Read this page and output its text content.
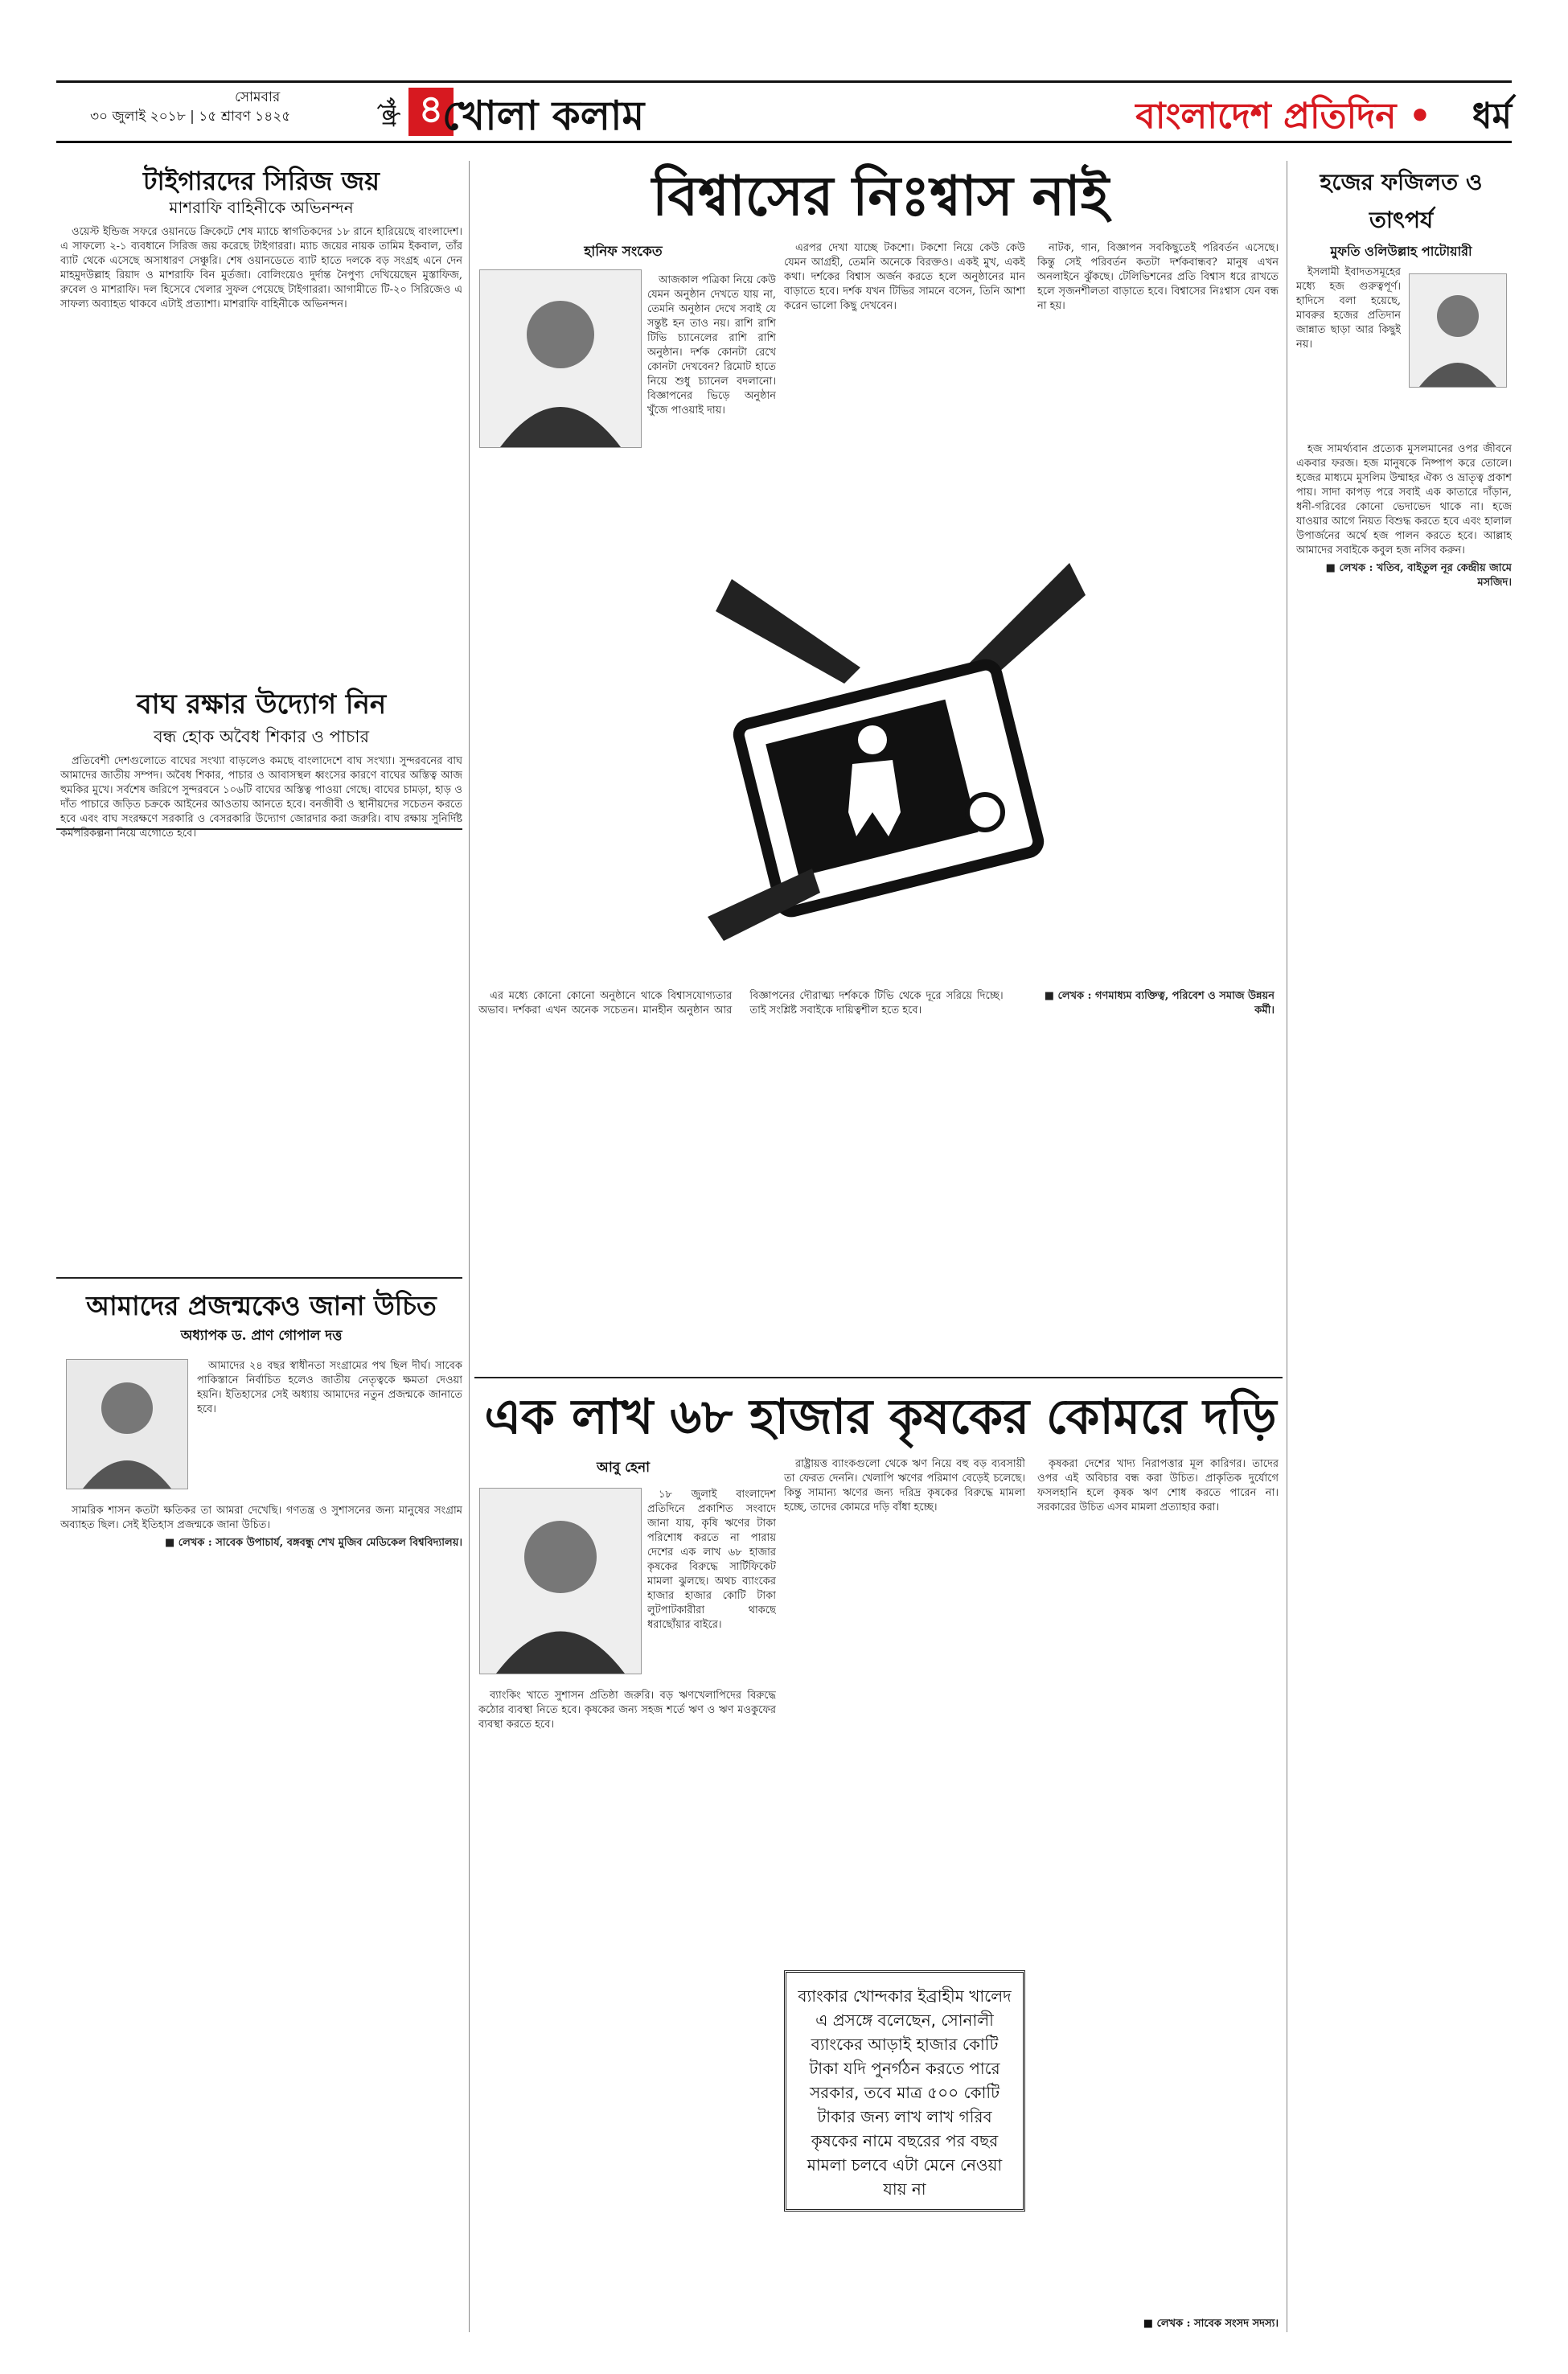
সোমবার
৩০ জুলাই ২০১৮ | ১৫ শ্রাবণ ১৪২৫	পৃষ্ঠা ৪
খোলা কলাম	বাংলাদেশ প্রতিদিন • ধর্ম
টাইগারদের সিরিজ জয়
মাশরাফি বাহিনীকে অভিনন্দন

ওয়েস্ট ইন্ডিজ সফরে ওয়ানডে ক্রিকেটে শেষ ম্যাচে স্বাগতিকদের ১৮ রানে হারিয়েছে বাংলাদেশ। এ সাফল্যে ২-১ ব্যবধানে সিরিজ জয় করেছে টাইগাররা। ম্যাচ জয়ের নায়ক তামিম ইকবাল, তাঁর ব্যাট থেকে এসেছে অসাধারণ সেঞ্চুরি। শেষ ওয়ানডেতে ব্যাট হাতে দলকে বড় সংগ্রহ এনে দেন মাহমুদউল্লাহ রিয়াদ ও মাশরাফি বিন মুর্তজা। বোলিংয়েও দুর্দান্ত নৈপুণ্য দেখিয়েছেন মুস্তাফিজ, রুবেল ও মাশরাফি। দল হিসেবে খেলার সুফল পেয়েছে টাইগাররা। আগামীতে টি-২০ সিরিজেও এ সাফল্য অব্যাহত থাকবে এটাই প্রত্যাশা। মাশরাফি বাহিনীকে অভিনন্দন।

বাঘ রক্ষার উদ্যোগ নিন
বন্ধ হোক অবৈধ শিকার ও পাচার

প্রতিবেশী দেশগুলোতে বাঘের সংখ্যা বাড়লেও কমছে বাংলাদেশে বাঘ সংখ্যা। সুন্দরবনের বাঘ আমাদের জাতীয় সম্পদ। অবৈধ শিকার, পাচার ও আবাসস্থল ধ্বংসের কারণে বাঘের অস্তিত্ব আজ হুমকির মুখে। সর্বশেষ জরিপে সুন্দরবনে ১০৬টি বাঘের অস্তিত্ব পাওয়া গেছে। বাঘের চামড়া, হাড় ও দাঁত পাচারে জড়িত চক্রকে আইনের আওতায় আনতে হবে। বনজীবী ও স্থানীয়দের সচেতন করতে হবে এবং বাঘ সংরক্ষণে সরকারি ও বেসরকারি উদ্যোগ জোরদার করা জরুরি। বাঘ রক্ষায় সুনির্দিষ্ট কর্মপরিকল্পনা নিয়ে এগোতে হবে।

আমাদের প্রজন্মকেও জানা উচিত
অধ্যাপক ড. প্রাণ গোপাল দত্ত

আমাদের ২৪ বছর স্বাধীনতা সংগ্রামের পথ ছিল দীর্ঘ। সাবেক পাকিস্তানে নির্বাচিত হলেও জাতীয় নেতৃত্বকে ক্ষমতা দেওয়া হয়নি। ইতিহাসের সেই অধ্যায় আমাদের নতুন প্রজন্মকে জানাতে হবে।

সামরিক শাসন কতটা ক্ষতিকর তা আমরা দেখেছি। গণতন্ত্র ও সুশাসনের জন্য মানুষের সংগ্রাম অব্যাহত ছিল। সেই ইতিহাস প্রজন্মকে জানা উচিত।

■ লেখক : সাবেক উপাচার্য, বঙ্গবন্ধু শেখ মুজিব মেডিকেল বিশ্ববিদ্যালয়।
বিশ্বাসের নিঃশ্বাস নাই
হানিফ সংকেত

আজকাল পত্রিকা নিয়ে কেউ যেমন অনুষ্ঠান দেখতে যায় না, তেমনি অনুষ্ঠান দেখে সবাই যে সন্তুষ্ট হন তাও নয়। রাশি রাশি টিভি চ্যানেলের রাশি রাশি অনুষ্ঠান। দর্শক কোনটা রেখে কোনটা দেখবেন? রিমোট হাতে নিয়ে শুধু চ্যানেল বদলানো। বিজ্ঞাপনের ভিড়ে অনুষ্ঠান খুঁজে পাওয়াই দায়।

এরপর দেখা যাচ্ছে টকশো। টকশো নিয়ে কেউ কেউ যেমন আগ্রহী, তেমনি অনেকে বিরক্তও। একই মুখ, একই কথা। দর্শকের বিশ্বাস অর্জন করতে হলে অনুষ্ঠানের মান বাড়াতে হবে। দর্শক যখন টিভির সামনে বসেন, তিনি আশা করেন ভালো কিছু দেখবেন।

নাটক, গান, বিজ্ঞাপন সবকিছুতেই পরিবর্তন এসেছে। কিন্তু সেই পরিবর্তন কতটা দর্শকবান্ধব? মানুষ এখন অনলাইনে ঝুঁকছে। টেলিভিশনের প্রতি বিশ্বাস ধরে রাখতে হলে সৃজনশীলতা বাড়াতে হবে। বিশ্বাসের নিঃশ্বাস যেন বন্ধ না হয়।

এর মধ্যে কোনো কোনো অনুষ্ঠানে থাকে বিশ্বাসযোগ্যতার অভাব। দর্শকরা এখন অনেক সচেতন। মানহীন অনুষ্ঠান আর বিজ্ঞাপনের দৌরাত্ম্য দর্শককে টিভি থেকে দূরে সরিয়ে দিচ্ছে। তাই সংশ্লিষ্ট সবাইকে দায়িত্বশীল হতে হবে।

■ লেখক : গণমাধ্যম ব্যক্তিত্ব, পরিবেশ ও সমাজ উন্নয়ন কর্মী।
এক লাখ ৬৮ হাজার কৃষকের কোমরে দড়ি
আবু হেনা

১৮ জুলাই বাংলাদেশ প্রতিদিনে প্রকাশিত সংবাদে জানা যায়, কৃষি ঋণের টাকা পরিশোধ করতে না পারায় দেশের এক লাখ ৬৮ হাজার কৃষকের বিরুদ্ধে সার্টিফিকেট মামলা ঝুলছে। অথচ ব্যাংকের হাজার হাজার কোটি টাকা লুটপাটকারীরা থাকছে ধরাছোঁয়ার বাইরে।

রাষ্ট্রায়ত্ত ব্যাংকগুলো থেকে ঋণ নিয়ে বহু বড় ব্যবসায়ী তা ফেরত দেননি। খেলাপি ঋণের পরিমাণ বেড়েই চলেছে। কিন্তু সামান্য ঋণের জন্য দরিদ্র কৃষকের বিরুদ্ধে মামলা হচ্ছে, তাদের কোমরে দড়ি বাঁধা হচ্ছে।

কৃষকরা দেশের খাদ্য নিরাপত্তার মূল কারিগর। তাদের ওপর এই অবিচার বন্ধ করা উচিত। প্রাকৃতিক দুর্যোগে ফসলহানি হলে কৃষক ঋণ শোধ করতে পারেন না। সরকারের উচিত এসব মামলা প্রত্যাহার করা।

ব্যাংকিং খাতে সুশাসন প্রতিষ্ঠা জরুরি। বড় ঋণখেলাপিদের বিরুদ্ধে কঠোর ব্যবস্থা নিতে হবে। কৃষকের জন্য সহজ শর্তে ঋণ ও ঋণ মওকুফের ব্যবস্থা করতে হবে।

ব্যাংকার খোন্দকার ইব্রাহীম খালেদ এ প্রসঙ্গে বলেছেন, সোনালী ব্যাংকের আড়াই হাজার কোটি টাকা যদি পুনর্গঠন করতে পারে সরকার, তবে মাত্র ৫০০ কোটি টাকার জন্য লাখ লাখ গরিব কৃষকের নামে বছরের পর বছর মামলা চলবে এটা মেনে নেওয়া যায় না
■ লেখক : সাবেক সংসদ সদস্য।
হজের ফজিলত ও তাৎপর্য
মুফতি ওলিউল্লাহ পাটোয়ারী

ইসলামী ইবাদতসমূহের মধ্যে হজ গুরুত্বপূর্ণ। হাদিসে বলা হয়েছে, মাবরুর হজের প্রতিদান জান্নাত ছাড়া আর কিছুই নয়।

হজ সামর্থ্যবান প্রত্যেক মুসলমানের ওপর জীবনে একবার ফরজ। হজ মানুষকে নিষ্পাপ করে তোলে। হজের মাধ্যমে মুসলিম উম্মাহর ঐক্য ও ভ্রাতৃত্ব প্রকাশ পায়। সাদা কাপড় পরে সবাই এক কাতারে দাঁড়ান, ধনী-গরিবের কোনো ভেদাভেদ থাকে না। হজে যাওয়ার আগে নিয়ত বিশুদ্ধ করতে হবে এবং হালাল উপার্জনের অর্থে হজ পালন করতে হবে। আল্লাহ আমাদের সবাইকে কবুল হজ নসিব করুন।

■ লেখক : খতিব, বাইতুল নূর কেন্দ্রীয় জামে মসজিদ।
